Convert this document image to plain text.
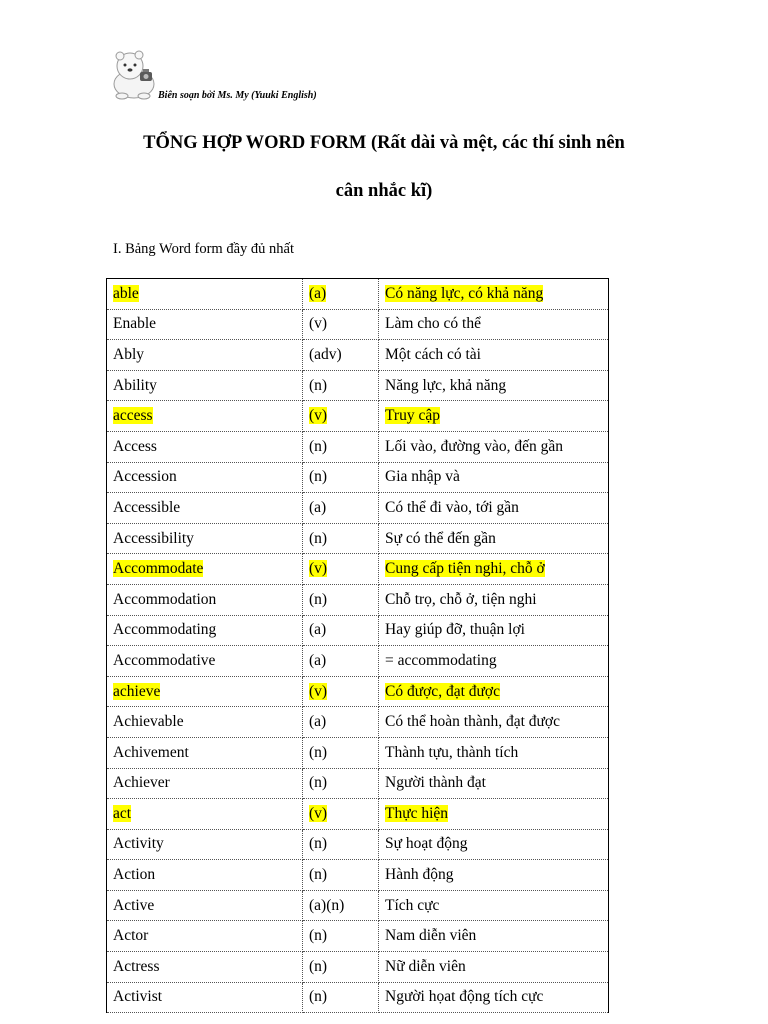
Biên soạn bởi Ms. My (Yuuki English)
TỔNG HỢP WORD FORM (Rất dài và mệt, các thí sinh nên
cân nhắc kĩ)
I. Bảng Word form đầy đủ nhất
able	(a)	Có năng lực, có khả năng
Enable	(v)	Làm cho có thể
Ably	(adv)	Một cách có tài
Ability	(n)	Năng lực, khả năng
access	(v)	Truy cập
Access	(n)	Lối vào, đường vào, đến gần
Accession	(n)	Gia nhập và
Accessible	(a)	Có thể đi vào, tới gần
Accessibility	(n)	Sự có thể đến gần
Accommodate	(v)	Cung cấp tiện nghi, chỗ ở
Accommodation	(n)	Chỗ trọ, chỗ ở, tiện nghi
Accommodating	(a)	Hay giúp đỡ, thuận lợi
Accommodative	(a)	= accommodating
achieve	(v)	Có được, đạt được
Achievable	(a)	Có thể hoàn thành, đạt được
Achivement	(n)	Thành tựu, thành tích
Achiever	(n)	Người thành đạt
act	(v)	Thực hiện
Activity	(n)	Sự hoạt động
Action	(n)	Hành động
Active	(a)(n)	Tích cực
Actor	(n)	Nam diễn viên
Actress	(n)	Nữ diễn viên
Activist	(n)	Người họat động tích cực
